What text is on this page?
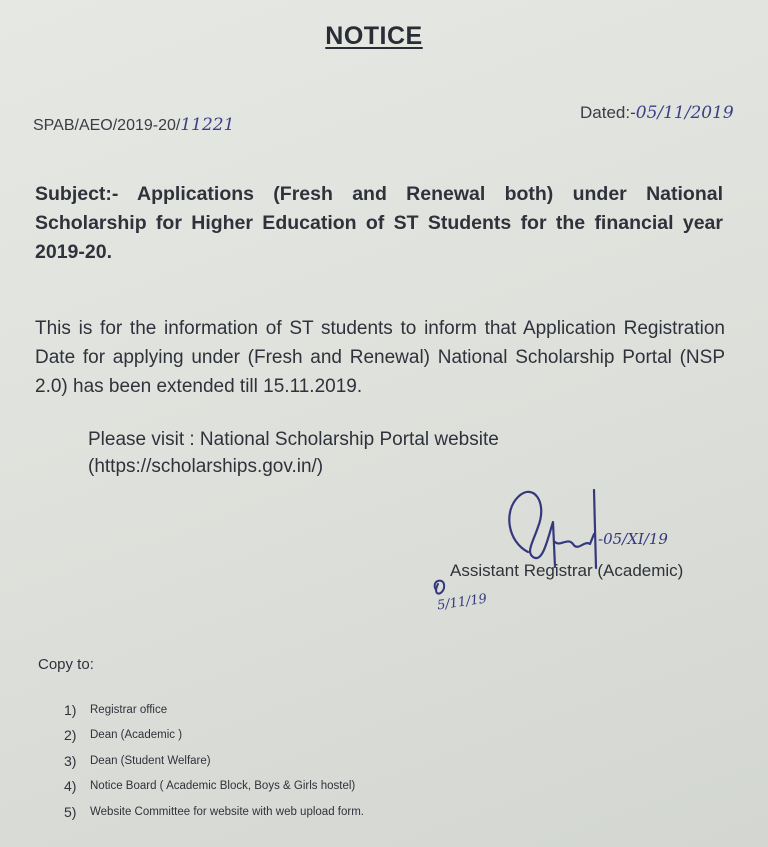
NOTICE
SPAB/AEO/2019-20/11221
Dated:-05/11/2019
Subject:- Applications (Fresh and Renewal both) under National Scholarship for Higher Education of ST Students for the financial year 2019-20.
This is for the information of ST students to inform that Application Registration Date for applying under (Fresh and Renewal) National Scholarship Portal (NSP 2.0) has been extended till 15.11.2019.
Please visit : National Scholarship Portal website
(https://scholarships.gov.in/)
-05/XI/19
Assistant Registrar (Academic)
5/11/19
Copy to:
1)	Registrar office
2)	Dean (Academic )
3)	Dean (Student Welfare)
4)	Notice Board ( Academic Block, Boys & Girls hostel)
5)	Website Committee for website with web upload form.
